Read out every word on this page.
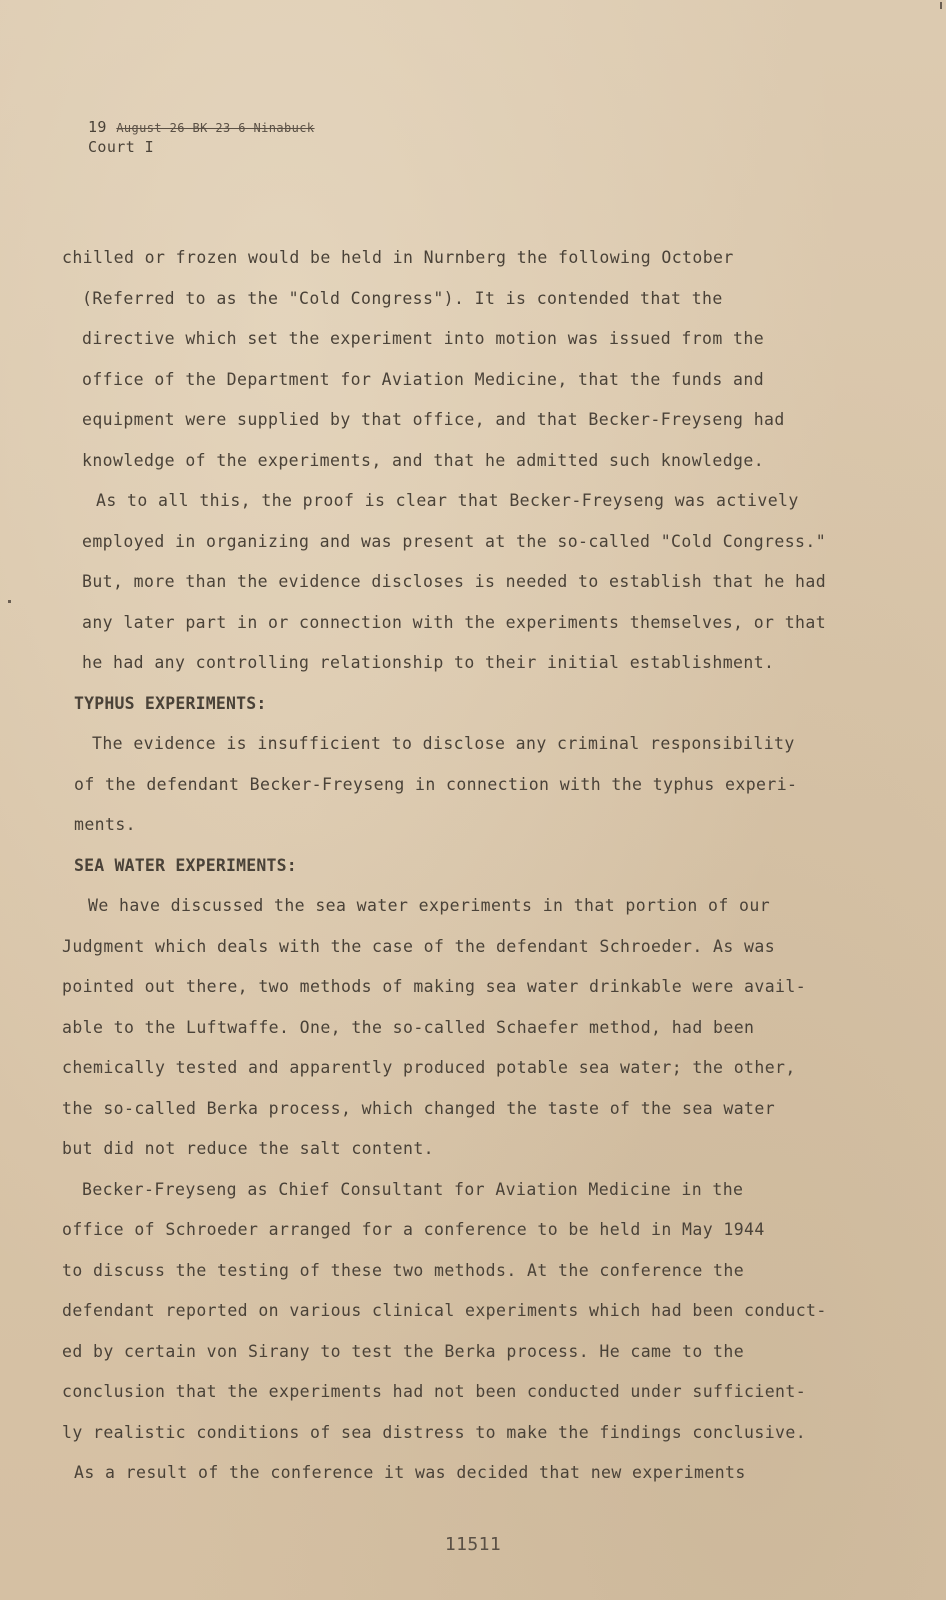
19 August 26-BK-23-6-Ninabuck
Court I
chilled or frozen would be held in Nurnberg the following October
(Referred to as the "Cold Congress"). It is contended that the
directive which set the experiment into motion was issued from the
office of the Department for Aviation Medicine, that the funds and
equipment were supplied by that office, and that Becker-Freyseng had
knowledge of the experiments, and that he admitted such knowledge.
As to all this, the proof is clear that Becker-Freyseng was actively
employed in organizing and was present at the so-called "Cold Congress."
But, more than the evidence discloses is needed to establish that he had
any later part in or connection with the experiments themselves, or that
he had any controlling relationship to their initial establishment.
TYPHUS EXPERIMENTS:
The evidence is insufficient to disclose any criminal responsibility
of the defendant Becker-Freyseng in connection with the typhus experi-
ments.
SEA WATER EXPERIMENTS:
We have discussed the sea water experiments in that portion of our
Judgment which deals with the case of the defendant Schroeder. As was
pointed out there, two methods of making sea water drinkable were avail-
able to the Luftwaffe. One, the so-called Schaefer method, had been
chemically tested and apparently produced potable sea water; the other,
the so-called Berka process, which changed the taste of the sea water
but did not reduce the salt content.
Becker-Freyseng as Chief Consultant for Aviation Medicine in the
office of Schroeder arranged for a conference to be held in May 1944
to discuss the testing of these two methods. At the conference the
defendant reported on various clinical experiments which had been conduct-
ed by certain von Sirany to test the Berka process. He came to the
conclusion that the experiments had not been conducted under sufficient-
ly realistic conditions of sea distress to make the findings conclusive.
As a result of the conference it was decided that new experiments
11511
